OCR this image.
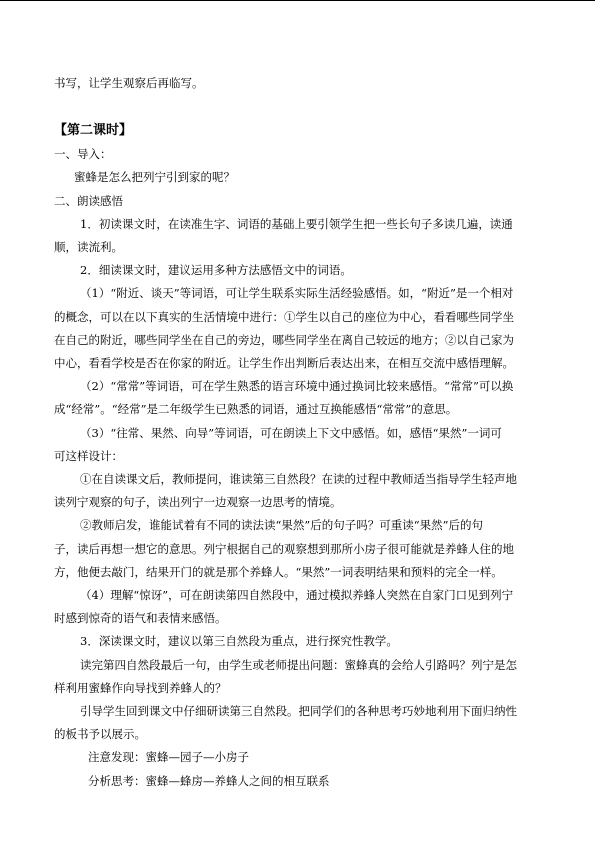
书写，让学生观察后再临写。

【第二课时】

一、导入：

蜜蜂是怎么把列宁引到家的呢？

二、朗读感悟

1．初读课文时，在读准生字、词语的基础上要引领学生把一些长句子多读几遍，读通

顺，读流利。

2．细读课文时，建议运用多种方法感悟文中的词语。

（1）“附近、谈天”等词语，可让学生联系实际生活经验感悟。如，“附近”是一个相对

的概念，可以在以下真实的生活情境中进行：①学生以自己的座位为中心，看看哪些同学坐

在自己的附近，哪些同学坐在自己的旁边，哪些同学坐在离自己较远的地方；②以自己家为

中心，看看学校是否在你家的附近。让学生作出判断后表达出来，在相互交流中感悟理解。

（2）“常常”等词语，可在学生熟悉的语言环境中通过换词比较来感悟。“常常”可以换

成“经常”。“经常”是二年级学生已熟悉的词语，通过互换能感悟“常常”的意思。

（3）“往常、果然、向导”等词语，可在朗读上下文中感悟。如，感悟“果然”一词可

可这样设计：

①在自读课文后，教师提问，谁读第三自然段？在读的过程中教师适当指导学生轻声地

读列宁观察的句子，读出列宁一边观察一边思考的情境。

②教师启发，谁能试着有不同的读法读“果然”后的句子吗？可重读“果然”后的句

子，读后再想一想它的意思。列宁根据自己的观察想到那所小房子很可能就是养蜂人住的地

方，他便去敲门，结果开门的就是那个养蜂人。“果然”一词表明结果和预料的完全一样。

（4）理解“惊讶”，可在朗读第四自然段中，通过模拟养蜂人突然在自家门口见到列宁

时感到惊奇的语气和表情来感悟。

3．深读课文时，建议以第三自然段为重点，进行探究性教学。

读完第四自然段最后一句，由学生或老师提出问题：蜜蜂真的会给人引路吗？列宁是怎

样利用蜜蜂作向导找到养蜂人的？

引导学生回到课文中仔细研读第三自然段。把同学们的各种思考巧妙地利用下面归纳性

的板书予以展示。

注意发现：蜜蜂—园子—小房子

分析思考：蜜蜂—蜂房—养蜂人之间的相互联系
